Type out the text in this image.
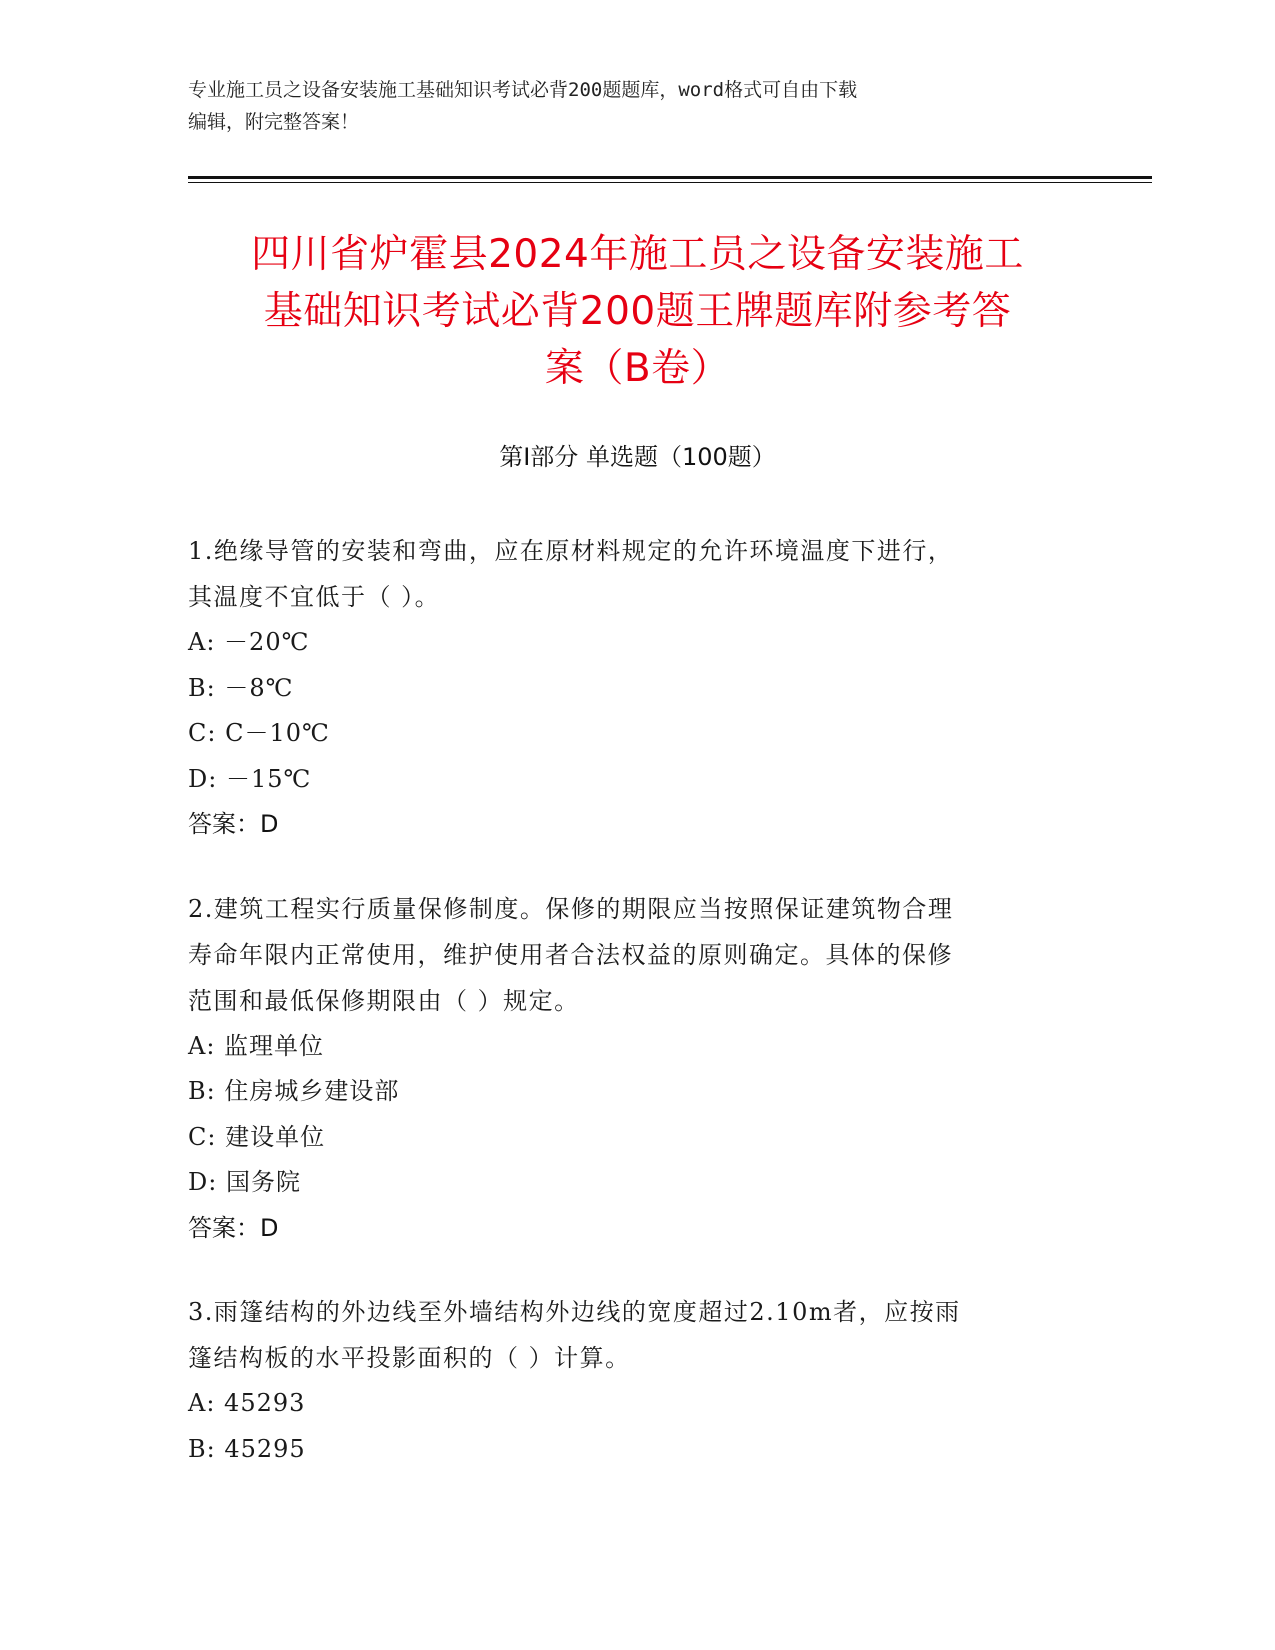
专业施工员之设备安装施工基础知识考试必背200题题库，word格式可自由下载
编辑，附完整答案！
四川省炉霍县2024年施工员之设备安装施工
基础知识考试必背200题王牌题库附参考答
案（B卷）
第Ⅰ部分 单选题（100题）
1.绝缘导管的安装和弯曲，应在原材料规定的允许环境温度下进行，
其温度不宜低于（ ）。
A: －20℃
B: －8℃
C: C－10℃
D: －15℃

答案：D

2.建筑工程实行质量保修制度。保修的期限应当按照保证建筑物合理
寿命年限内正常使用，维护使用者合法权益的原则确定。具体的保修
范围和最低保修期限由（ ）规定。
A: 监理单位
B: 住房城乡建设部
C: 建设单位
D: 国务院

答案：D

3.雨篷结构的外边线至外墙结构外边线的宽度超过2.10m者，应按雨
篷结构板的水平投影面积的（ ）计算。
A: 45293
B: 45295
